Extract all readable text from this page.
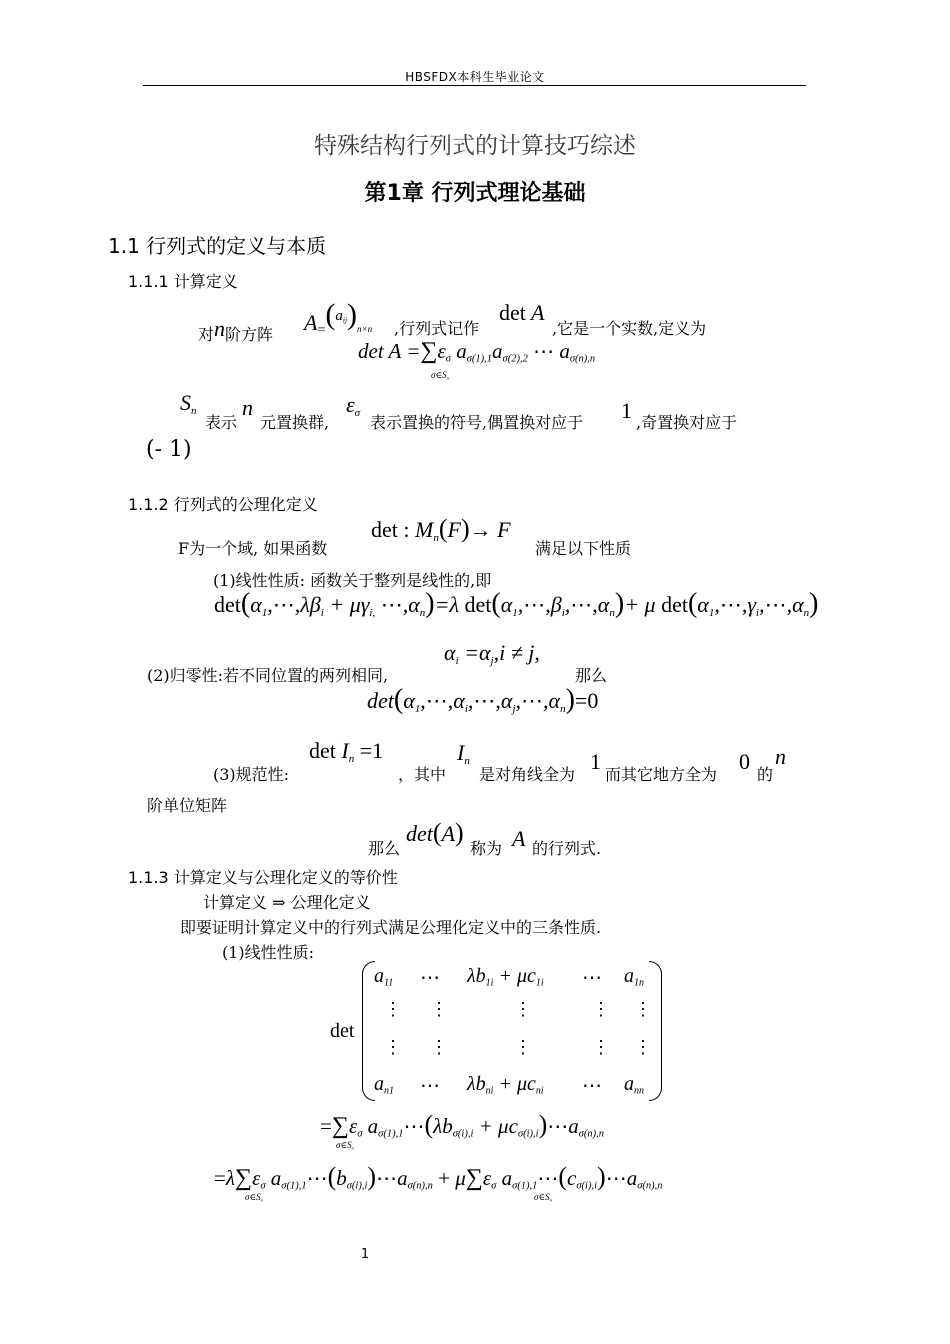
HBSFDX本科生毕业论文
特殊结构行列式的计算技巧综述
第1章 行列式理论基础
1.1 行列式的定义与本质
1.1.1 计算定义
对n阶方阵 $A=(^{a_{ij}})_{n\times n}$ ,行列式记作
det A
,它是一个实数,定义为
$\det A =\sum\varepsilon_\sigma$ $a_{\sigma(1),1}a_{\sigma(2),2}$ ⋯ $a_{\sigma(n),n}$
$\sigma\in S_n$
$S_n$
表示
n
元置换群,
$\varepsilon_\sigma$
表示置换的符号,偶置换对应于 1 ,奇置换对应于
(- 1)
1.1.2 行列式的公理化定义
F为一个域, 如果函数
det : $M_n(F)\to F$
满足以下性质
(1)线性性质: 函数关于整列是线性的,即
$\det(\alpha_1,\cdots,\lambda\beta_i + \mu\gamma_{i,}$ $\cdots,\alpha_n)=\lambda$ $\det(\alpha_1,\cdots,\beta_i,\cdots,\alpha_n)+ \mu$ $\det(\alpha_1,\cdots,\gamma_i,\cdots,\alpha_n)$
(2)归零性:若不同位置的两列相同,
$\alpha_i =\alpha_j,i \ne j$,
那么
$\det(\alpha_1,\cdots,\alpha_i,\cdots,\alpha_j,\cdots,\alpha_n)=0$
(3)规范性:
$\det I_n =1$
，其中
$I_n$
是对角线全为
1
而其它地方全为
0
的
n
阶单位矩阵
那么
det(A)
称为 A 的行列式.
1.1.3 计算定义与公理化定义的等价性
计算定义 ⇒ 公理化定义
即要证明计算定义中的行列式满足公理化定义中的三条性质.
(1)线性性质:
det
$a_{11}$ ⋯ $\lambda b_{1i} + \mu c_{1i}$ ⋯ $a_{1n}$
⋮ ⋮	⋮	⋮ ⋮
⋮ ⋮	⋮	⋮ ⋮
$a_{n1}$ ⋯ $\lambda b_{ni} + \mu c_{ni}$ ⋯ $a_{nn}$
$=\sum\varepsilon_\sigma$ $a_{\sigma(1),1}\cdots(\lambda b_{\sigma(i),i}$ + $\mu c_{\sigma(i),i})\cdots a_{\sigma(n),n}$
$\sigma\in S_n$
$=\lambda\sum\varepsilon_\sigma$ $a_{\sigma(1),1}\cdots(b_{\sigma(i),i})\cdots a_{\sigma(n),n} + \mu\sum\varepsilon_\sigma$ $a_{\sigma(1),1}\cdots(c_{\sigma(i),i})\cdots a_{\sigma(n),n}$
$\sigma\in S_n$	$\sigma\in S_n$
1
